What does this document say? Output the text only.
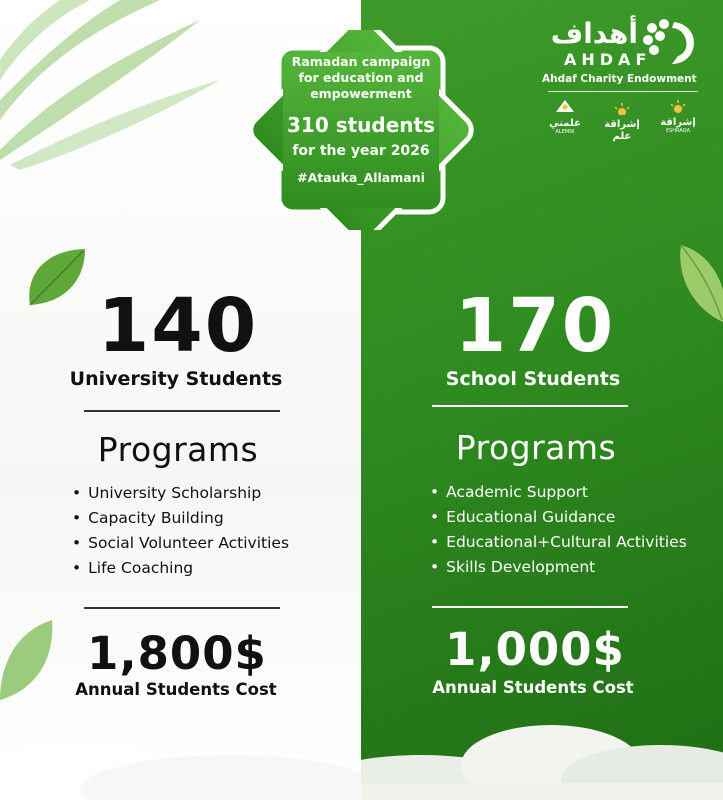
Ramadan campaign
for education and
empowerment
310 students
for the year 2026
#Atauka_Allamani
أهداف
AHDAF
Ahdaf Charity Endowment
علمني
ALEMNI
إشراقة علم
إشراقة
ESHRAQA
140
University Students
Programs
• University Scholarship
• Capacity Building
• Social Volunteer Activities
• Life Coaching
1,800$
Annual Students Cost
170
School Students
Programs
• Academic Support
• Educational Guidance
• Educational+Cultural Activities
• Skills Development
1,000$
Annual Students Cost
